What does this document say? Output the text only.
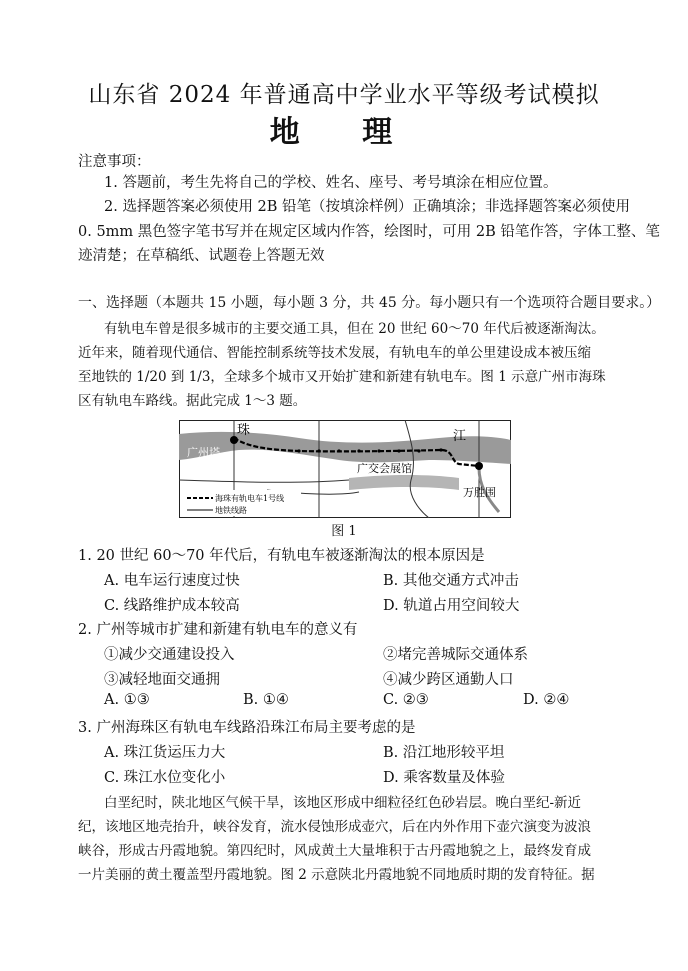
山东省 2024 年普通高中学业水平等级考试模拟
地 理
注意事项：
1. 答题前，考生先将自己的学校、姓名、座号、考号填涂在相应位置。
2. 选择题答案必须使用 2B 铅笔（按填涂样例）正确填涂；非选择题答案必须使用
0. 5mm 黑色签字笔书写并在规定区域内作答，绘图时，可用 2B 铅笔作答，字体工整、笔
迹清楚；在草稿纸、试题卷上答题无效
一、选择题（本题共 15 小题，每小题 3 分，共 45 分。每小题只有一个选项符合题目要求。）
有轨电车曾是很多城市的主要交通工具，但在 20 世纪 60～70 年代后被逐渐淘汰。
近年来，随着现代通信、智能控制系统等技术发展，有轨电车的单公里建设成本被压缩
至地铁的 1/20 到 1/3，全球多个城市又开始扩建和新建有轨电车。图 1 示意广州市海珠
区有轨电车路线。据此完成 1～3 题。
珠	江
广州塔
广交会展馆
万胜围
海珠有轨电车1号线
地铁线路
图 1
1. 20 世纪 60～70 年代后，有轨电车被逐渐淘汰的根本原因是
A. 电车运行速度过快	B. 其他交通方式冲击
C. 线路维护成本较高	D. 轨道占用空间较大
2. 广州等城市扩建和新建有轨电车的意义有
①减少交通建设投入	②堵完善城际交通体系
③减轻地面交通拥	④减少跨区通勤人口
A. ①③	B. ①④	C. ②③	D. ②④
3. 广州海珠区有轨电车线路沿珠江布局主要考虑的是
A. 珠江货运压力大	B. 沿江地形较平坦
C. 珠江水位变化小	D. 乘客数量及体验
白垩纪时，陕北地区气候干旱，该地区形成中细粒径红色砂岩层。晚白垩纪-新近
纪，该地区地壳抬升，峡谷发育，流水侵蚀形成壶穴，后在内外作用下壶穴演变为波浪
峡谷，形成古丹霞地貌。第四纪时，风成黄土大量堆积于古丹霞地貌之上，最终发育成
一片美丽的黄土覆盖型丹霞地貌。图 2 示意陕北丹霞地貌不同地质时期的发育特征。据
